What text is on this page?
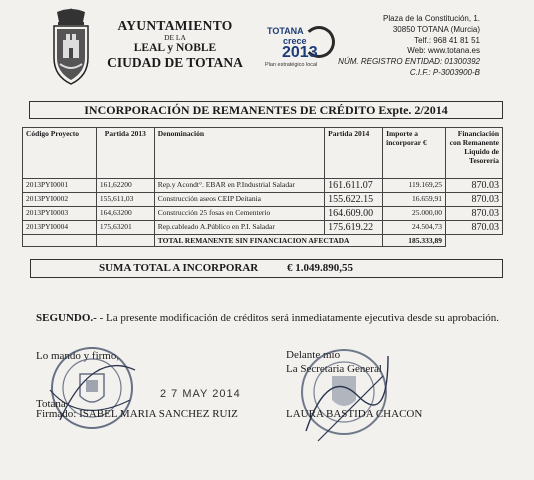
AYUNTAMIENTO
DE LA
LEAL y NOBLE
CIUDAD DE TOTANA
TOTANA
crece
2013
Plan estratégico local
Plaza de la Constitución, 1.
30850 TOTANA (Murcia)
Telf.: 968 41 81 51
Web: www.totana.es
NÚM. REGISTRO ENTIDAD: 01300392
C.I.F.: P-3003900-B
INCORPORACIÓN DE REMANENTES DE CRÉDITO Expte. 2/2014
Código Proyecto	Partida 2013	Denominación	Partida 2014	Importe a incorporar €	Financiación con Remanente Liquido de Tesorería
2013PYI0001	161,62200	Rep.y Acondt°. EBAR en P.Industrial Saladar	161.611.07	119.169,25	870.03
2013PYI0002	155,611,03	Construcción aseos CEIP Deitania	155.622.15	16.659,91	870.03
2013PYI0003	164,63200	Construcción 25 fosas en Cementerio	164.609.00	25.000,00	870.03
2013PYI0004	175,63201	Rep.cableado A.Público en P.I. Saladar	175.619.22	24.504,73	870.03
		TOTAL REMANENTE SIN FINANCIACION AFECTADA		185.333,89	
SUMA TOTAL A INCORPORAR	€ 1.049.890,55
SEGUNDO.- - La presente modificación de créditos será inmediatamente ejecutiva desde su aprobación.
Lo mando y firmo,	Delante mío
La Secretaria General
2 7 MAY 2014
Totana
Firmado: ISABEL MARIA SANCHEZ RUIZ	LAURA BASTIDA CHACON
